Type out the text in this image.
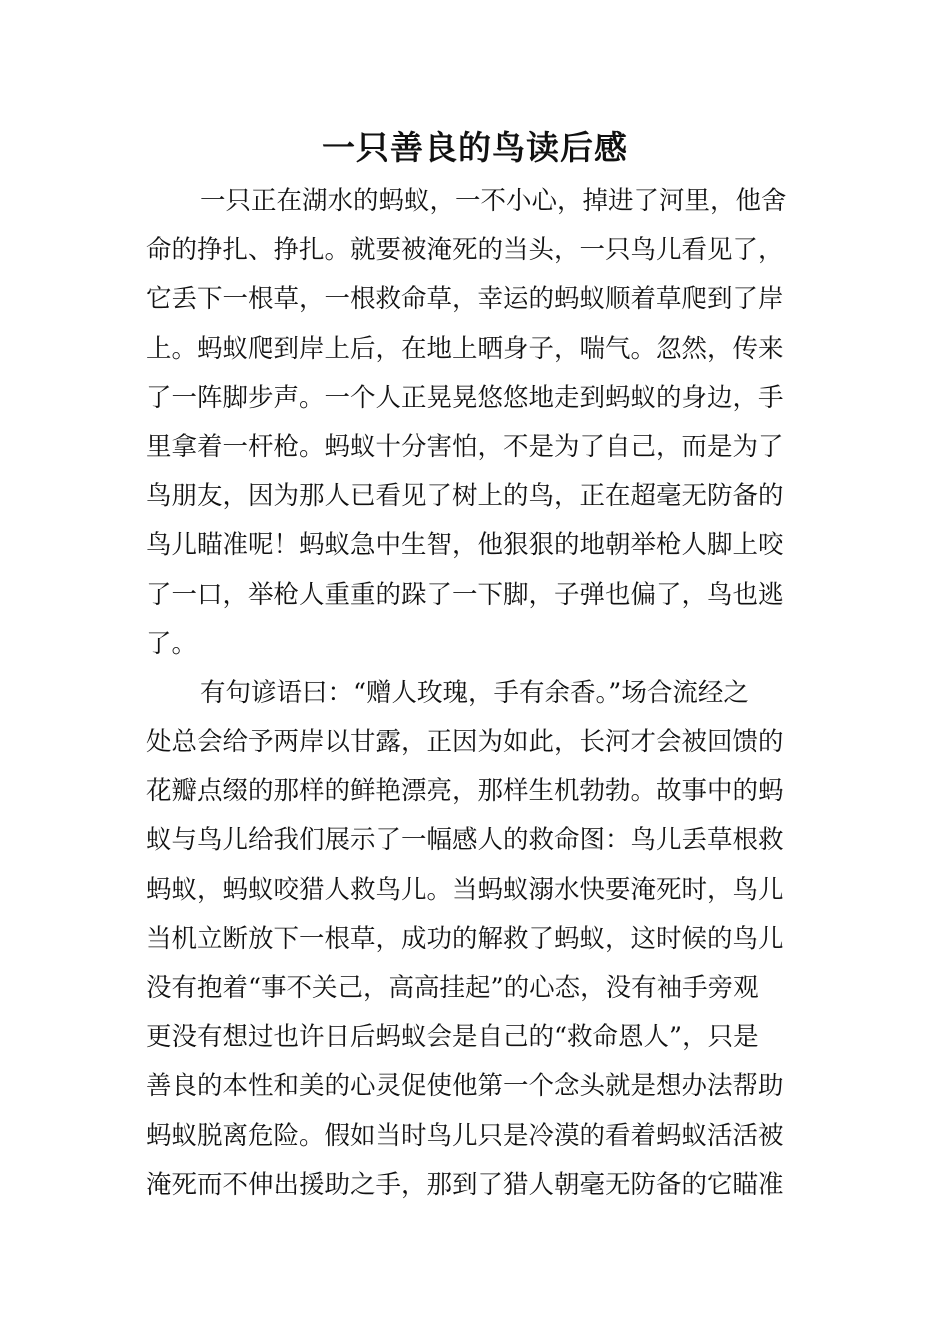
一只善良的鸟读后感
一只正在湖水的蚂蚁，一不小心，掉进了河里，他舍
命的挣扎、挣扎。就要被淹死的当头，一只鸟儿看见了，
它丢下一根草，一根救命草，幸运的蚂蚁顺着草爬到了岸
上。蚂蚁爬到岸上后，在地上晒身子，喘气。忽然，传来
了一阵脚步声。一个人正晃晃悠悠地走到蚂蚁的身边，手
里拿着一杆枪。蚂蚁十分害怕，不是为了自己，而是为了
鸟朋友，因为那人已看见了树上的鸟，正在超毫无防备的
鸟儿瞄准呢！蚂蚁急中生智，他狠狠的地朝举枪人脚上咬
了一口，举枪人重重的跺了一下脚，子弹也偏了，鸟也逃
了。
有句谚语曰：“赠人玫瑰，手有余香。”场合流经之
处总会给予两岸以甘露，正因为如此，长河才会被回馈的
花瓣点缀的那样的鲜艳漂亮，那样生机勃勃。故事中的蚂
蚁与鸟儿给我们展示了一幅感人的救命图：鸟儿丢草根救
蚂蚁，蚂蚁咬猎人救鸟儿。当蚂蚁溺水快要淹死时，鸟儿
当机立断放下一根草，成功的解救了蚂蚁，这时候的鸟儿
没有抱着“事不关己，高高挂起”的心态，没有袖手旁观
更没有想过也许日后蚂蚁会是自己的“救命恩人”，只是
善良的本性和美的心灵促使他第一个念头就是想办法帮助
蚂蚁脱离危险。假如当时鸟儿只是冷漠的看着蚂蚁活活被
淹死而不伸出援助之手，那到了猎人朝毫无防备的它瞄准
